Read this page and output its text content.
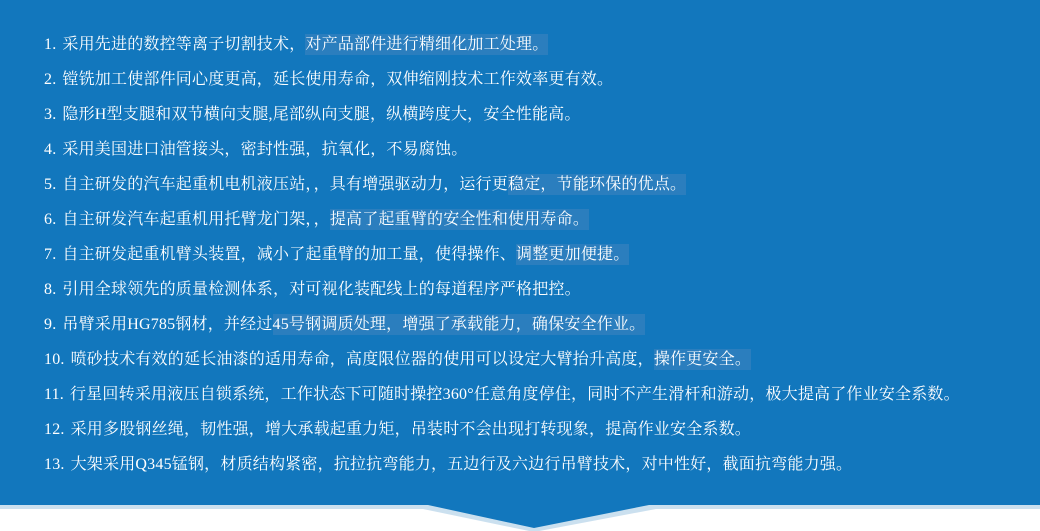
1. 采用先进的数控等离子切割技术，对产品部件进行精细化加工处理。
2. 镗铣加工使部件同心度更高，延长使用寿命，双伸缩刚技术工作效率更有效。
3. 隐形H型支腿和双节横向支腿,尾部纵向支腿，纵横跨度大，安全性能高。
4. 采用美国进口油管接头，密封性强，抗氧化，不易腐蚀。
5. 自主研发的汽车起重机电机液压站，，具有增强驱动力，运行更稳定，节能环保的优点。
6. 自主研发汽车起重机用托臂龙门架，，提高了起重臂的安全性和使用寿命。
7. 自主研发起重机臂头装置，减小了起重臂的加工量，使得操作、调整更加便捷。
8. 引用全球领先的质量检测体系，对可视化装配线上的每道程序严格把控。
9. 吊臂采用HG785钢材，并经过45号钢调质处理，增强了承载能力，确保安全作业。
10. 喷砂技术有效的延长油漆的适用寿命，高度限位器的使用可以设定大臂抬升高度，操作更安全。
11. 行星回转采用液压自锁系统，工作状态下可随时操控360°任意角度停住，同时不产生滑杆和游动，极大提高了作业安全系数。
12. 采用多股钢丝绳，韧性强，增大承载起重力矩，吊装时不会出现打转现象，提高作业安全系数。
13. 大架采用Q345锰钢，材质结构紧密，抗拉抗弯能力，五边行及六边行吊臂技术，对中性好，截面抗弯能力强。
